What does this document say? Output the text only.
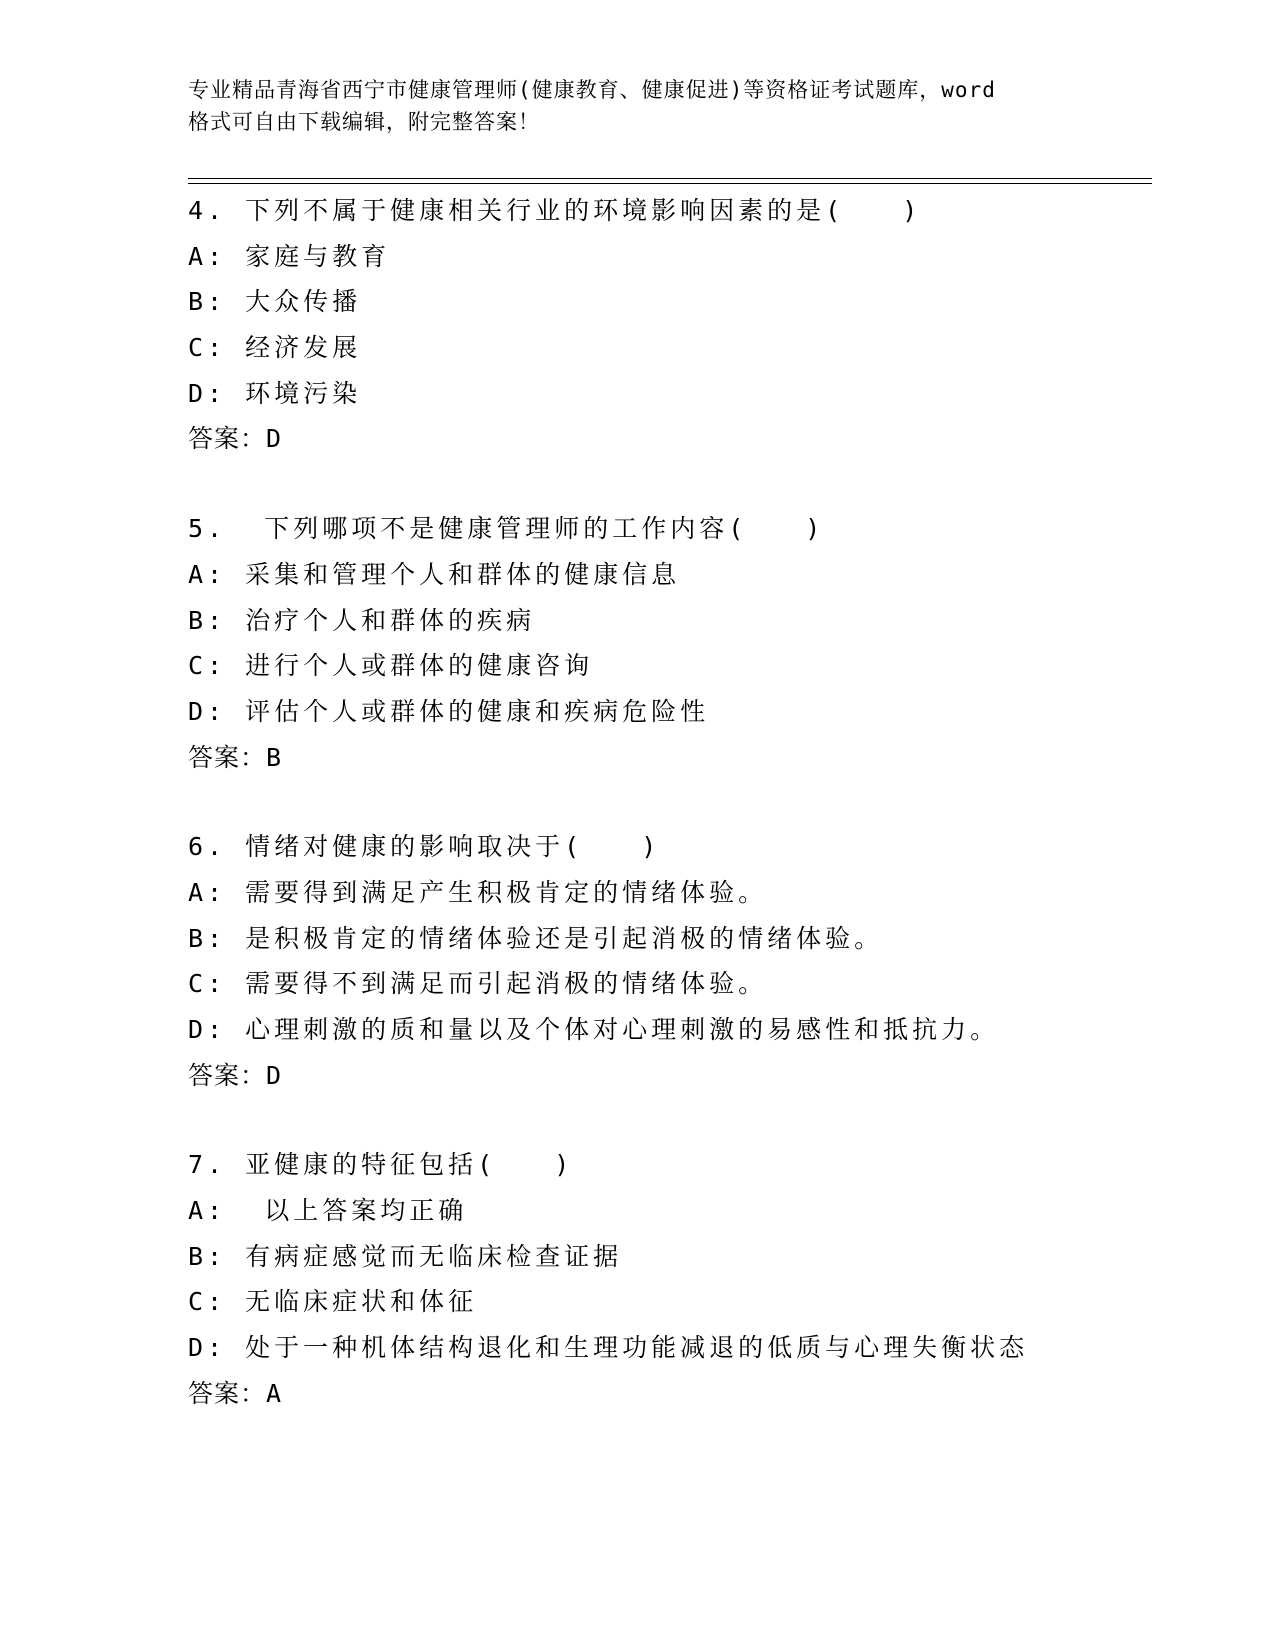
专业精品青海省西宁市健康管理师(健康教育、健康促进)等资格证考试题库，word
格式可自由下载编辑，附完整答案！
4. 下列不属于健康相关行业的环境影响因素的是(　　)
A: 家庭与教育
B: 大众传播
C: 经济发展
D: 环境污染
答案：D
5.  下列哪项不是健康管理师的工作内容(　　)
A: 采集和管理个人和群体的健康信息
B: 治疗个人和群体的疾病
C: 进行个人或群体的健康咨询
D: 评估个人或群体的健康和疾病危险性
答案：B
6. 情绪对健康的影响取决于(　　)
A: 需要得到满足产生积极肯定的情绪体验。
B: 是积极肯定的情绪体验还是引起消极的情绪体验。
C: 需要得不到满足而引起消极的情绪体验。
D: 心理刺激的质和量以及个体对心理刺激的易感性和抵抗力。
答案：D
7. 亚健康的特征包括(　　)
A:  以上答案均正确
B: 有病症感觉而无临床检查证据
C: 无临床症状和体征
D: 处于一种机体结构退化和生理功能减退的低质与心理失衡状态
答案：A
